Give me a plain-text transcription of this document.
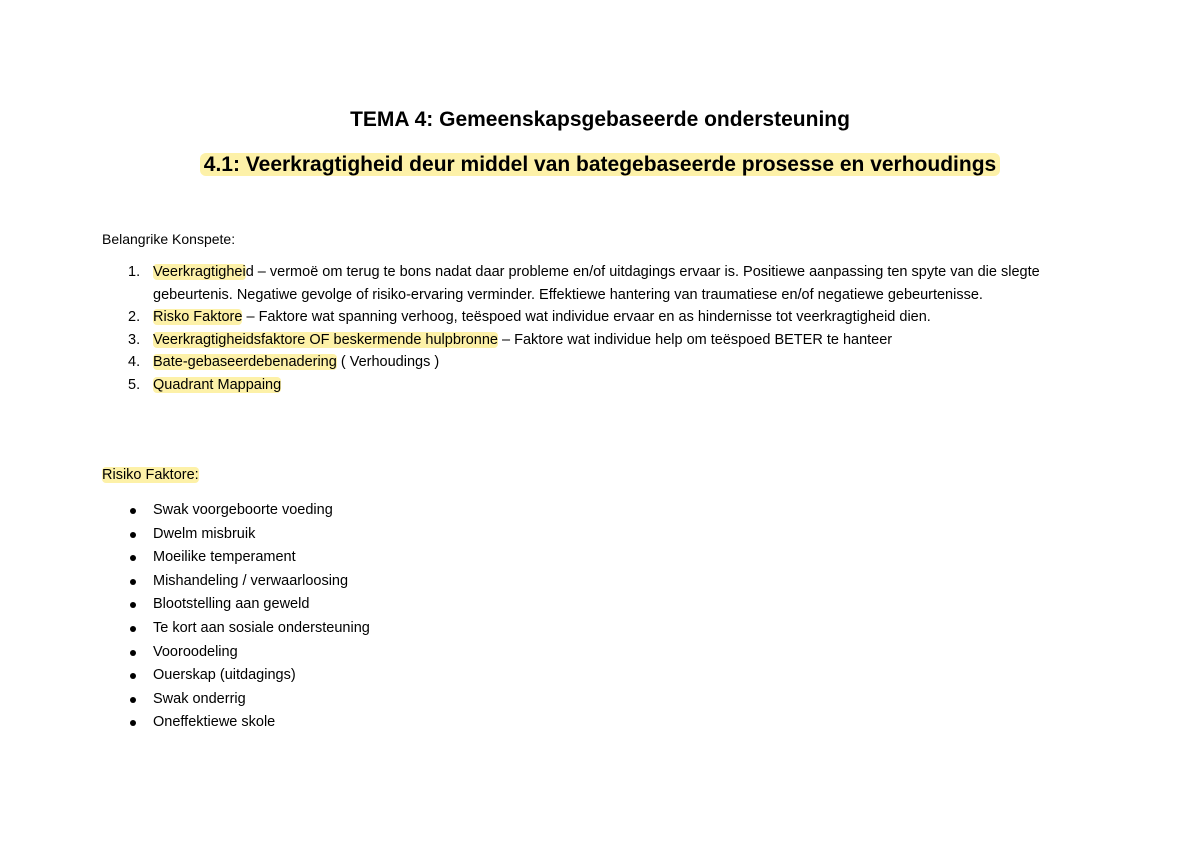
TEMA 4: Gemeenskapsgebaseerde ondersteuning
4.1: Veerkragtigheid deur middel van bategebaseerde prosesse en verhoudings

Belangrike Konspete:

1. Veerkragtigheid – vermoë om terug te bons nadat daar probleme en/of uitdagings ervaar is. Positiewe aanpassing ten spyte van die slegte gebeurtenis. Negatiwe gevolge of risiko-ervaring verminder. Effektiewe hantering van traumatiese en/of negatiewe gebeurtenisse.
2. Risko Faktore – Faktore wat spanning verhoog, teëspoed wat individue ervaar en as hindernisse tot veerkragtigheid dien.
3. Veerkragtigheidsfaktore OF beskermende hulpbronne – Faktore wat individue help om teëspoed BETER te hanteer
4. Bate-gebaseerdebenadering ( Verhoudings )
5. Quadrant Mappaing

Risiko Faktore:

Swak voorgeboorte voeding
Dwelm misbruik
Moeilike temperament
Mishandeling / verwaarloosing
Blootstelling aan geweld
Te kort aan sosiale ondersteuning
Vooroodeling
Ouerskap (uitdagings)
Swak onderrig
Oneffektiewe skole
